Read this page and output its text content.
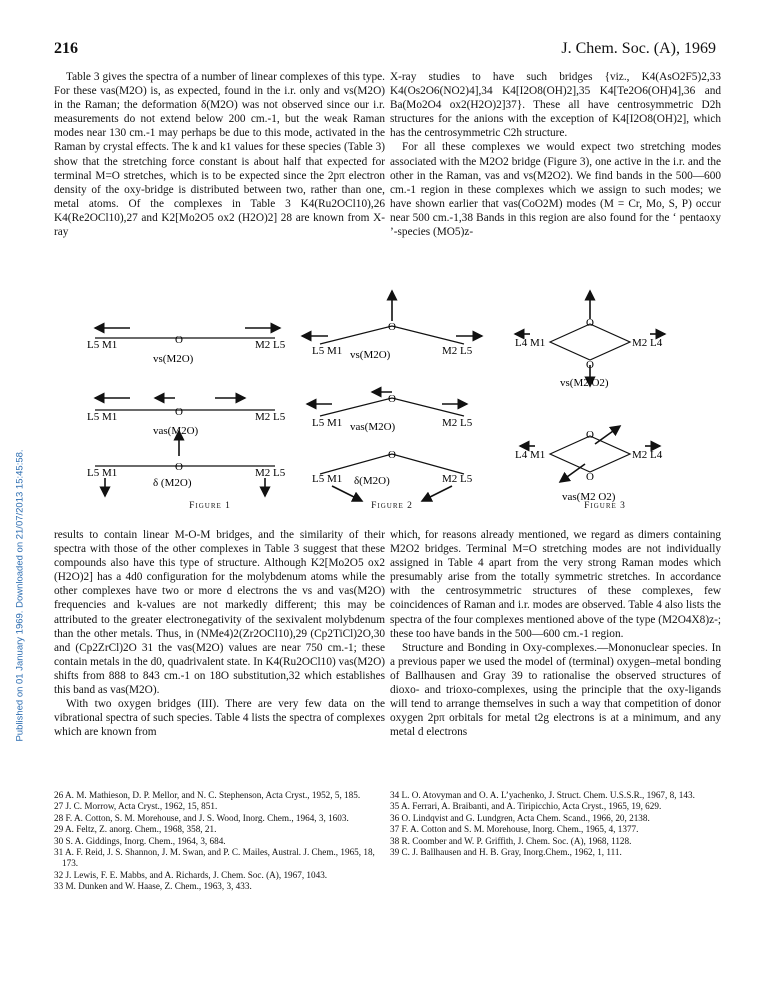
Published on 01 January 1969. Downloaded on 21/07/2013 15:45:58.
216	J. Chem. Soc. (A), 1969

Table 3 gives the spectra of a number of linear complexes of this type. For these vas(M2O) is, as expected, found in the i.r. only and vs(M2O) in the Raman; the deformation δ(M2O) was not observed since our i.r. measurements do not extend below 200 cm.-1, but the weak Raman modes near 130 cm.-1 may perhaps be due to this mode, activated in the Raman by crystal effects. The k and k1 values for these species (Table 3) show that the stretching force constant is about half that expected for terminal M=O stretches, which is to be expected since the 2pπ electron density of the oxy-bridge is distributed between two, rather than one, metal atoms. Of the complexes in Table 3 K4(Ru2OCl10),26 K4(Re2OCl10),27 and K2[Mo2O5 ox2 (H2O)2] 28 are known from X-ray

X-ray studies to have such bridges {viz., K4(AsO2F5)2,33 K4(Os2O6(NO2)4],34 K4[I2O8(OH)2],35 K4[Te2O6(OH)4],36 and Ba(Mo2O4 ox2(H2O)2]37}. These all have centrosymmetric D2h structures for the anions with the exception of K4[I2O8(OH)2], which has the centrosymmetric C2h structure.

For all these complexes we would expect two stretching modes associated with the M2O2 bridge (Figure 3), one active in the i.r. and the other in the Raman, vas and vs(M2O2). We find bands in the 500—600 cm.-1 region in these complexes which we assign to such modes; we have shown earlier that vas(CoO2M) modes (M = Cr, Mo, S, P) occur near 500 cm.-1,38 Bands in this region are also found for the ‘ pentaoxy ’-species (MO5)z-

L5 M1	O	M2 L5
vs(M2O)
L5 M1	O	M2 L5
vas(M2O)
L5 M1	O	M2 L5
δ (M2O)
Figure 1
L5 M1
O
M2 L5
vs(M2O)
L5 M1
O
M2 L5
vas(M2O)
L5 M1
O
M2 L5
δ(M2O)
Figure 2
L4 M1
O
O
M2 L4
vs(M2 O2)
L4 M1
O
O
M2 L4
vas(M2 O2)
Figure 3

results to contain linear M-O-M bridges, and the similarity of their spectra with those of the other complexes in Table 3 suggest that these compounds also have this type of structure. Although K2[Mo2O5 ox2 (H2O)2] has a 4d0 configuration for the molybdenum atoms while the other complexes have two or more d electrons the vs and vas(M2O) frequencies and k-values are not markedly different; this may be attributed to the greater electronegativity of the sexivalent molybdenum than the other metals. Thus, in (NMe4)2(Zr2OCl10),29 (Cp2TiCl)2O,30 and (Cp2ZrCl)2O 31 the vas(M2O) values are near 750 cm.-1; these contain metals in the d0, quadrivalent state. In K4(Ru2OCl10) vas(M2O) shifts from 888 to 843 cm.-1 on 18O substitution,32 which establishes this band as vas(M2O).

With two oxygen bridges (III). There are very few data on the vibrational spectra of such species. Table 4 lists the spectra of complexes which are known from

which, for reasons already mentioned, we regard as dimers containing M2O2 bridges. Terminal M=O stretching modes are not individually assigned in Table 4 apart from the very strong Raman modes which presumably arise from the totally symmetric stretches. In accordance with the centrosymmetric structures of these complexes, few coincidences of Raman and i.r. modes are observed. Table 4 also lists the spectra of the four complexes mentioned above of the type (M2O4X8)z-; these too have bands in the 500—600 cm.-1 region.

Structure and Bonding in Oxy-complexes.—Mononuclear species. In a previous paper we used the model of (terminal) oxygen–metal bonding of Ballhausen and Gray 39 to rationalise the observed structures of dioxo- and trioxo-complexes, using the principle that the oxy-ligands will tend to arrange themselves in such a way that competition of donor oxygen 2pπ orbitals for metal t2g electrons is at a minimum, and any metal d electrons

26 A. M. Mathieson, D. P. Mellor, and N. C. Stephenson, Acta Cryst., 1952, 5, 185.
27 J. C. Morrow, Acta Cryst., 1962, 15, 851.
28 F. A. Cotton, S. M. Morehouse, and J. S. Wood, Inorg. Chem., 1964, 3, 1603.
29 A. Feltz, Z. anorg. Chem., 1968, 358, 21.
30 S. A. Giddings, Inorg. Chem., 1964, 3, 684.
31 A. F. Reid, J. S. Shannon, J. M. Swan, and P. C. Mailes, Austral. J. Chem., 1965, 18, 173.
32 J. Lewis, F. E. Mabbs, and A. Richards, J. Chem. Soc. (A), 1967, 1043.
33 M. Dunken and W. Haase, Z. Chem., 1963, 3, 433.
34 L. O. Atovyman and O. A. L’yachenko, J. Struct. Chem. U.S.S.R., 1967, 8, 143.
35 A. Ferrari, A. Braibanti, and A. Tiripicchio, Acta Cryst., 1965, 19, 629.
36 O. Lindqvist and G. Lundgren, Acta Chem. Scand., 1966, 20, 2138.
37 F. A. Cotton and S. M. Morehouse, Inorg. Chem., 1965, 4, 1377.
38 R. Coomber and W. P. Griffith, J. Chem. Soc. (A), 1968, 1128.
39 C. J. Ballhausen and H. B. Gray, Inorg.Chem., 1962, 1, 111.
